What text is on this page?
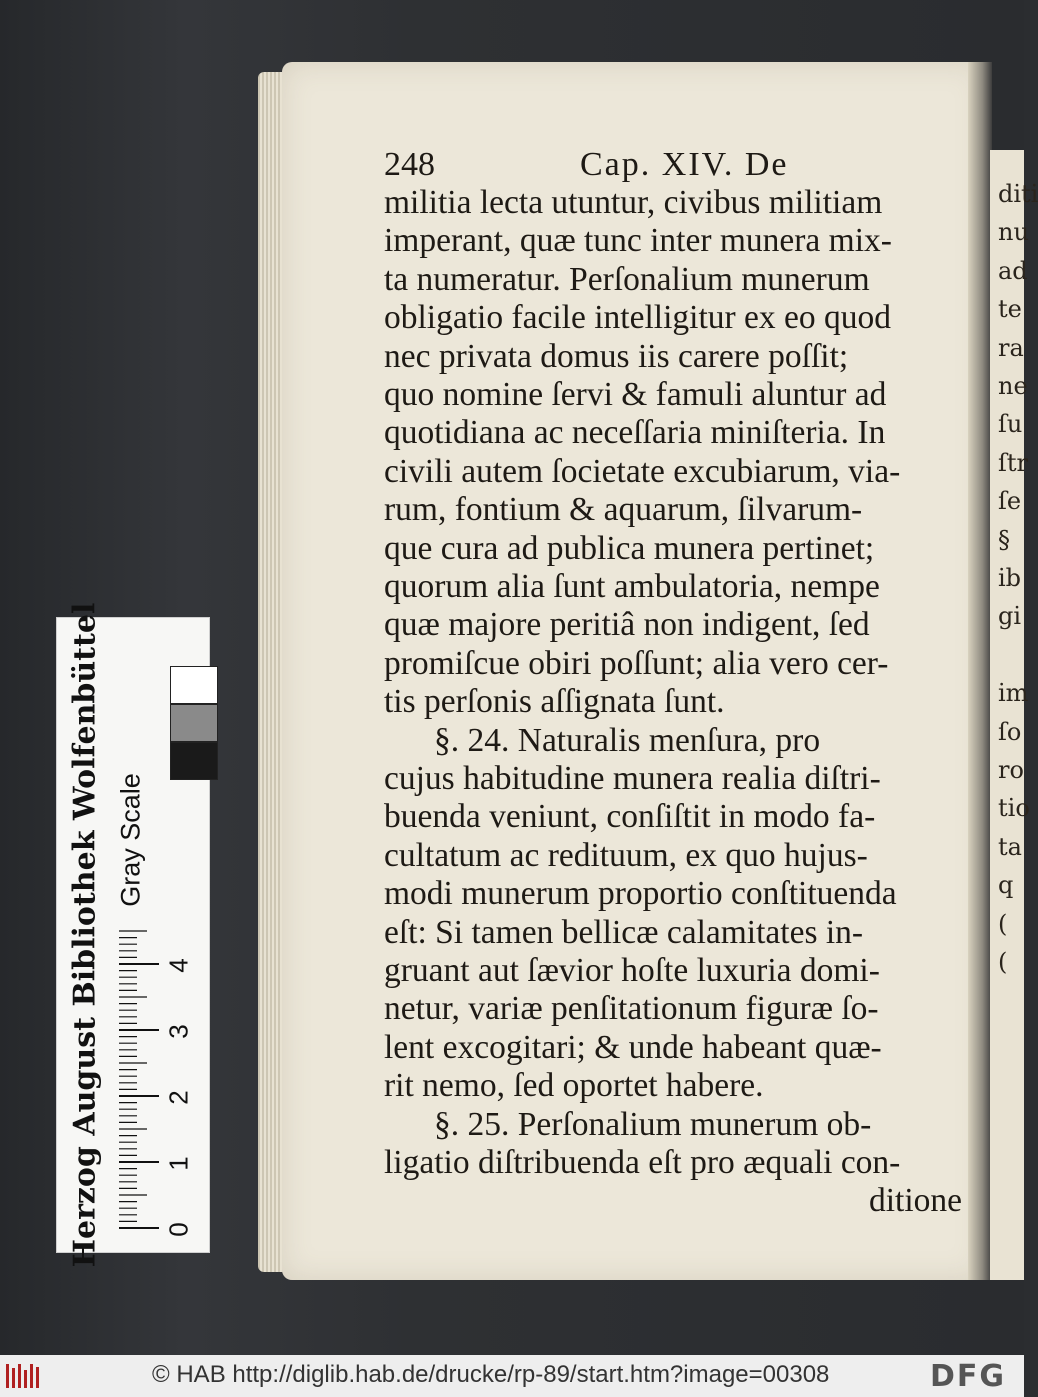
diti
nu
ad
te
ra
ne
ſu
ſtr
ſe
§
ib
gi
im
ſo
ro
tio
ta
q
(
(
248	Cap. XIV. De
militia lecta utuntur, civibus militiam
imperant, quæ tunc inter munera mix-
ta numeratur. Perſonalium munerum
obligatio facile intelligitur ex eo quod
nec privata domus iis carere poſſit;
quo nomine ſervi & famuli aluntur ad
quotidiana ac neceſſaria miniſteria. In
civili autem ſocietate excubiarum, via-
rum, fontium & aquarum, ſilvarum-
que cura ad publica munera pertinet;
quorum alia ſunt ambulatoria, nempe
quæ majore peritiâ non indigent, ſed
promiſcue obiri poſſunt; alia vero cer-
tis perſonis aſſignata ſunt.
§. 24. Naturalis menſura, pro
cujus habitudine munera realia diſtri-
buenda veniunt, conſiſtit in modo fa-
cultatum ac redituum, ex quo hujus-
modi munerum proportio conſtituenda
eſt: Si tamen bellicæ calamitates in-
gruant aut ſævior hoſte luxuria domi-
netur, variæ penſitationum figuræ ſo-
lent excogitari; & unde habeant quæ-
rit nemo, ſed oportet habere.
§. 25. Perſonalium munerum ob-
ligatio diſtribuenda eſt pro æquali con-
ditione
Herzog August Bibliothek Wolfenbüttel 0
1
2
3
4
Gray Scale
© HAB http://diglib.hab.de/drucke/rp-89/start.htm?image=00308	DFG
